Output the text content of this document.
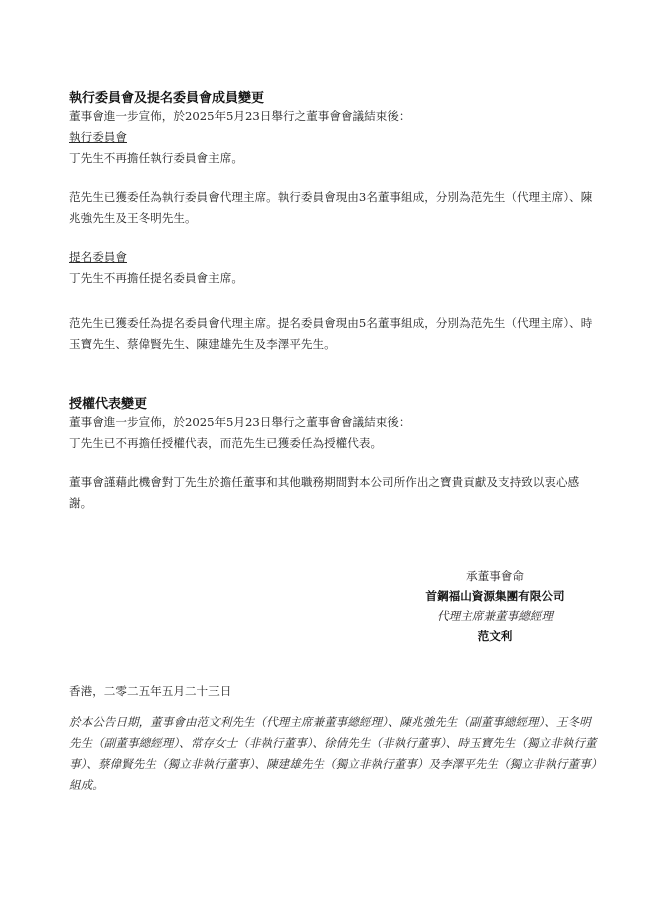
執行委員會及提名委員會成員變更
董事會進一步宣佈，於2025年5月23日舉行之董事會會議結束後：
執行委員會
丁先生不再擔任執行委員會主席。
范先生已獲委任為執行委員會代理主席。執行委員會現由3名董事組成，分別為范先生（代理主席）、陳兆強先生及王冬明先生。
提名委員會
丁先生不再擔任提名委員會主席。
范先生已獲委任為提名委員會代理主席。提名委員會現由5名董事組成，分別為范先生（代理主席）、時玉寶先生、蔡偉賢先生、陳建雄先生及李澤平先生。
授權代表變更
董事會進一步宣佈，於2025年5月23日舉行之董事會會議結束後：
丁先生已不再擔任授權代表，而范先生已獲委任為授權代表。
董事會謹藉此機會對丁先生於擔任董事和其他職務期間對本公司所作出之寶貴貢獻及支持致以衷心感謝。
承董事會命
首鋼福山資源集團有限公司
代理主席兼董事總經理
范文利
香港，二零二五年五月二十三日
於本公告日期，董事會由范文利先生（代理主席兼董事總經理）、陳兆強先生（副董事總經理）、王冬明先生（副董事總經理）、常存女士（非執行董事）、徐倩先生（非執行董事）、時玉寶先生（獨立非執行董事）、蔡偉賢先生（獨立非執行董事）、陳建雄先生（獨立非執行董事）及李澤平先生（獨立非執行董事）組成。
